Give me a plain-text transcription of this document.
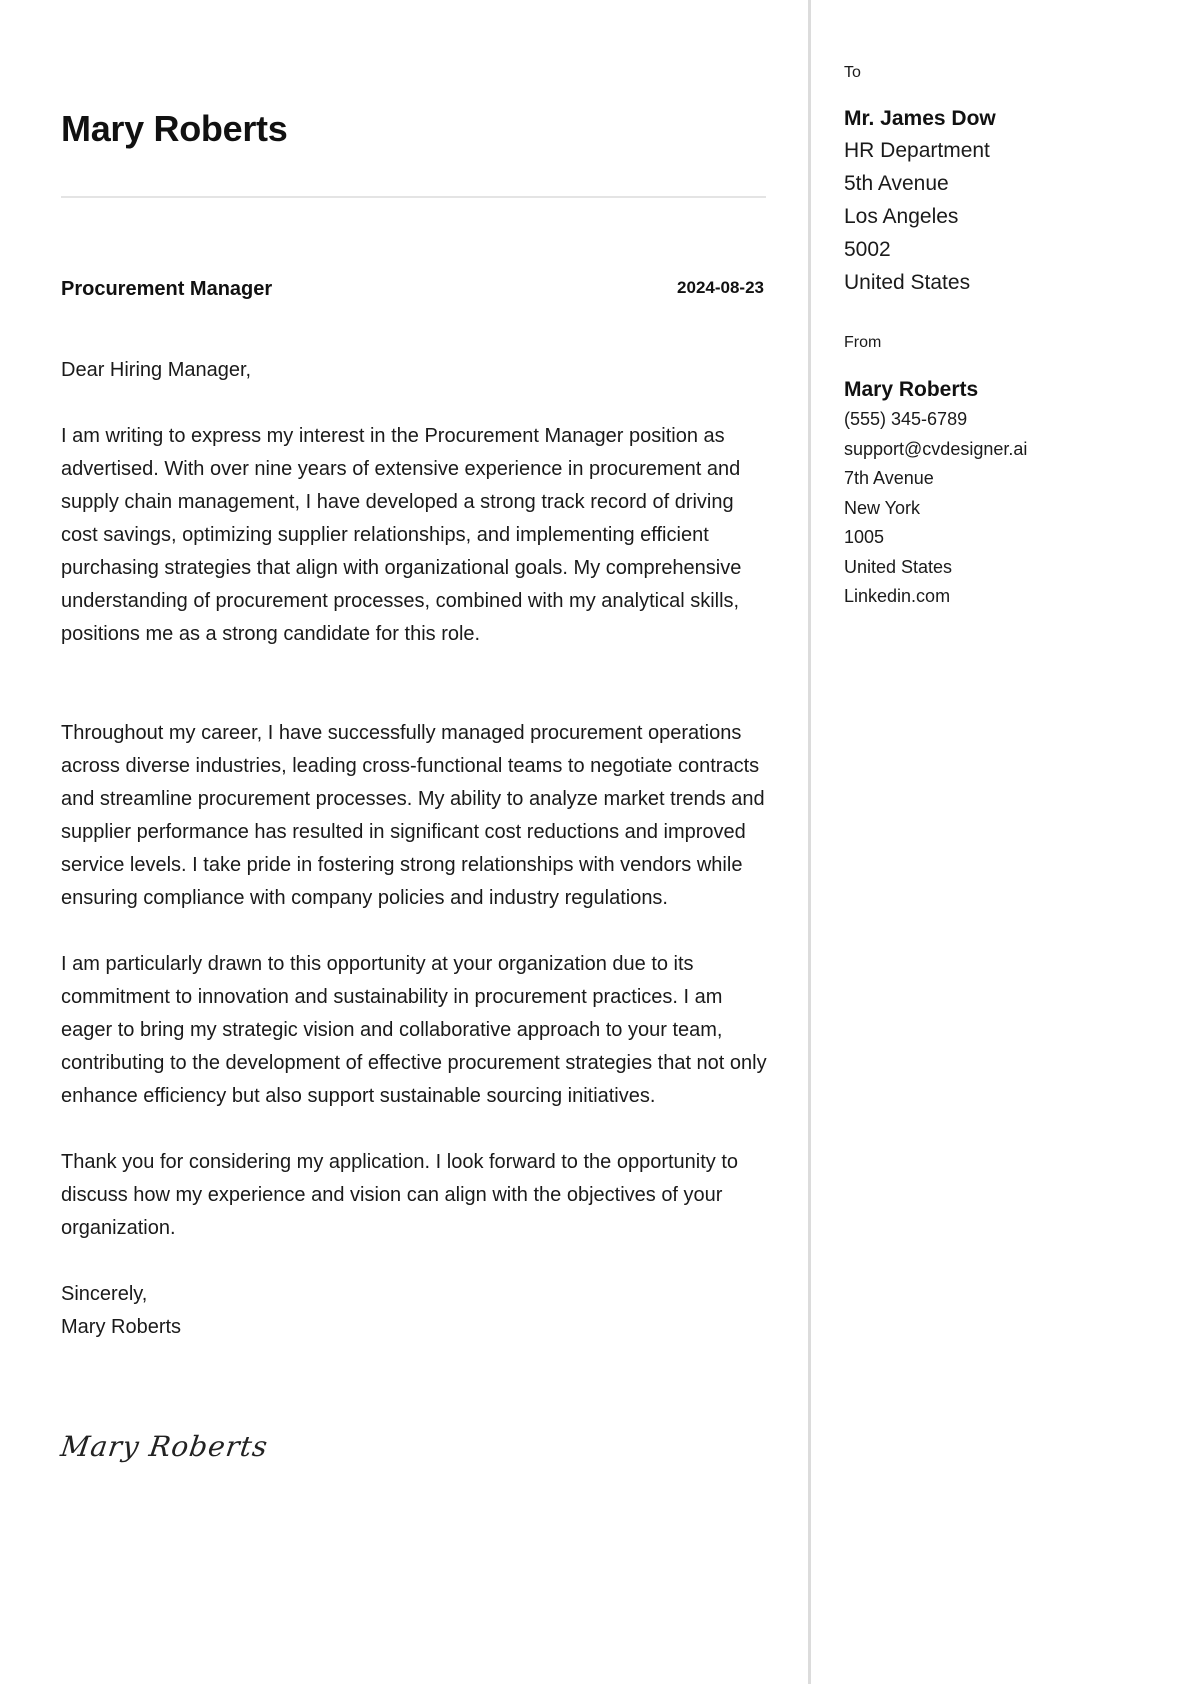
Mary Roberts
Procurement Manager	2024-08-23

Dear Hiring Manager,

I am writing to express my interest in the Procurement Manager position as advertised. With over nine years of extensive experience in procurement and supply chain management, I have developed a strong track record of driving cost savings, optimizing supplier relationships, and implementing efficient purchasing strategies that align with organizational goals. My comprehensive understanding of procurement processes, combined with my analytical skills, positions me as a strong candidate for this role.

Throughout my career, I have successfully managed procurement operations across diverse industries, leading cross-functional teams to negotiate contracts and streamline procurement processes. My ability to analyze market trends and supplier performance has resulted in significant cost reductions and improved service levels. I take pride in fostering strong relationships with vendors while ensuring compliance with company policies and industry regulations.

I am particularly drawn to this opportunity at your organization due to its commitment to innovation and sustainability in procurement practices. I am eager to bring my strategic vision and collaborative approach to your team, contributing to the development of effective procurement strategies that not only enhance efficiency but also support sustainable sourcing initiatives.

Thank you for considering my application. I look forward to the opportunity to discuss how my experience and vision can align with the objectives of your organization.

Sincerely,

Mary Roberts

Mary Roberts
To
Mr. James Dow
HR Department
5th Avenue
Los Angeles
5002
United States
From
Mary Roberts
(555) 345-6789
support@cvdesigner.ai
7th Avenue
New York
1005
United States
Linkedin.com
